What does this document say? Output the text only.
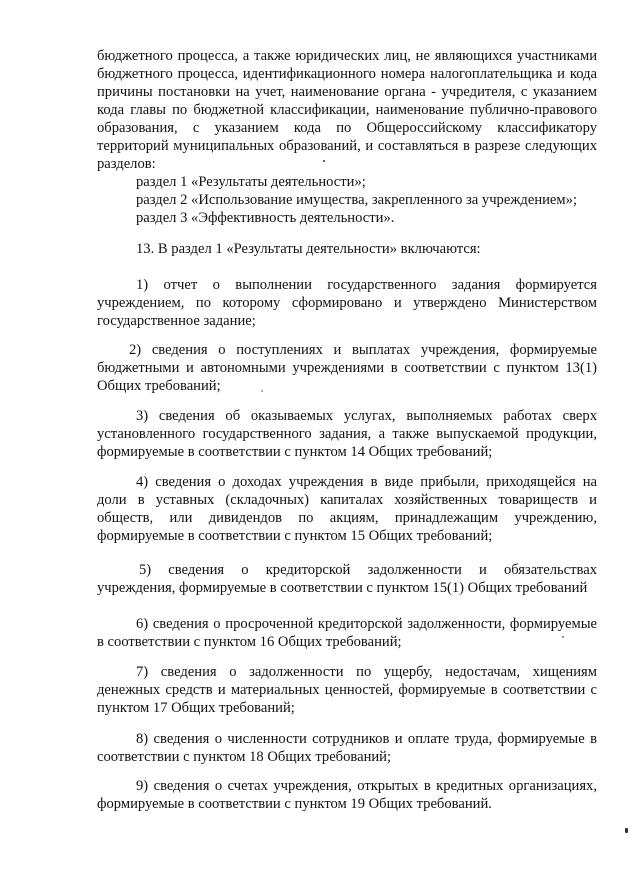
бюджетного процесса, а также юридических лиц, не являющихся участниками бюджетного процесса, идентификационного номера налогоплательщика и кода причины постановки на учет, наименование органа - учредителя, с указанием кода главы по бюджетной классификации, наименование публично-правового образования, с указанием кода по Общероссийскому классификатору территорий муниципальных образований, и составляться в разрезе следующих разделов:

раздел 1 «Результаты деятельности»;

раздел 2 «Использование имущества, закрепленного за учреждением»;

раздел 3 «Эффективность деятельности».

13. В раздел 1 «Результаты деятельности» включаются:

1) отчет о выполнении государственного задания формируется учреждением, по которому сформировано и утверждено Министерством государственное задание;

2) сведения о поступлениях и выплатах учреждения, формируемые бюджетными и автономными учреждениями в соответствии с пунктом 13(1) Общих требований;

3) сведения об оказываемых услугах, выполняемых работах сверх установленного государственного задания, а также выпускаемой продукции, формируемые в соответствии с пунктом 14 Общих требований;

4) сведения о доходах учреждения в виде прибыли, приходящейся на доли в уставных (складочных) капиталах хозяйственных товариществ и обществ, или дивидендов по акциям, принадлежащим учреждению, формируемые в соответствии с пунктом 15 Общих требований;

5) сведения о кредиторской задолженности и обязательствах учреждения, формируемые в соответствии с пунктом 15(1) Общих требований

6) сведения о просроченной кредиторской задолженности, формируемые в соответствии с пунктом 16 Общих требований;

7) сведения о задолженности по ущербу, недостачам, хищениям денежных средств и материальных ценностей, формируемые в соответствии с пунктом 17 Общих требований;

8) сведения о численности сотрудников и оплате труда, формируемые в соответствии с пунктом 18 Общих требований;

9) сведения о счетах учреждения, открытых в кредитных организациях, формируемые в соответствии с пунктом 19 Общих требований.
